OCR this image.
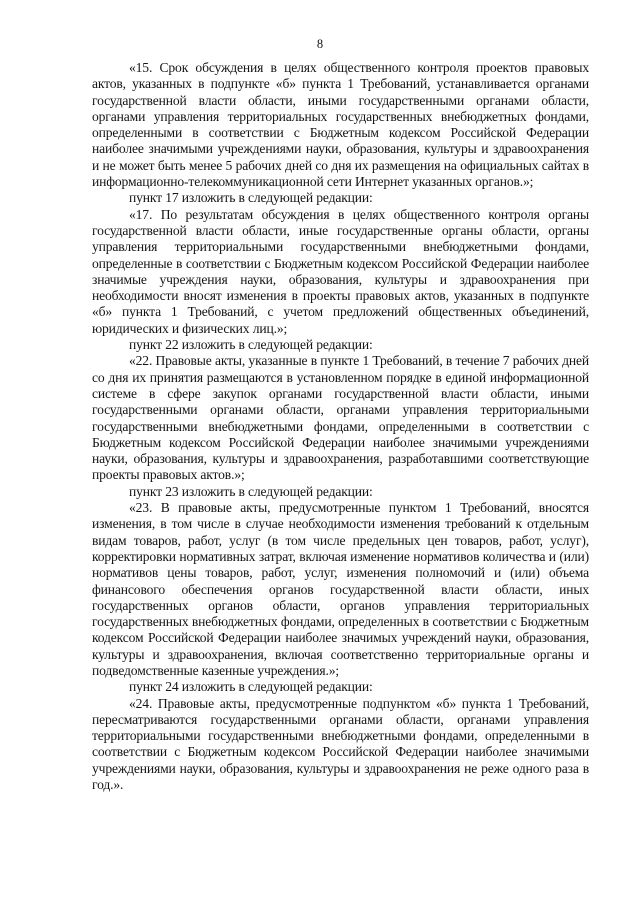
8

«15. Срок обсуждения в целях общественного контроля проектов правовых актов, указанных в подпункте «б» пункта 1 Требований, устанавливается органами государственной власти области, иными государственными органами области, органами управления территориальных государственных внебюджетных фондами, определенными в соответствии с Бюджетным кодексом Российской Федерации наиболее значимыми учреждениями науки, образования, культуры и здравоохранения и не может быть менее 5 рабочих дней со дня их размещения на официальных сайтах в информационно-телекоммуникационной сети Интернет указанных органов.»;

пункт 17 изложить в следующей редакции:

«17. По результатам обсуждения в целях общественного контроля органы государственной власти области, иные государственные органы области, органы управления территориальными государственными внебюджетными фондами, определенные в соответствии с Бюджетным кодексом Российской Федерации наиболее значимые учреждения науки, образования, культуры и здравоохранения при необходимости вносят изменения в проекты правовых актов, указанных в подпункте «б» пункта 1 Требований, с учетом предложений общественных объединений, юридических и физических лиц.»;

пункт 22 изложить в следующей редакции:

«22. Правовые акты, указанные в пункте 1 Требований, в течение 7 рабочих дней со дня их принятия размещаются в установленном порядке в единой информационной системе в сфере закупок органами государственной власти области, иными государственными органами области, органами управления территориальными государственными внебюджетными фондами, определенными в соответствии с Бюджетным кодексом Российской Федерации наиболее значимыми учреждениями науки, образования, культуры и здравоохранения, разработавшими соответствующие проекты правовых актов.»;

пункт 23 изложить в следующей редакции:

«23. В правовые акты, предусмотренные пунктом 1 Требований, вносятся изменения, в том числе в случае необходимости изменения требований к отдельным видам товаров, работ, услуг (в том числе предельных цен товаров, работ, услуг), корректировки нормативных затрат, включая изменение нормативов количества и (или) нормативов цены товаров, работ, услуг, изменения полномочий и (или) объема финансового обеспечения органов государственной власти области, иных государственных органов области, органов управления территориальных государственных внебюджетных фондами, определенных в соответствии с Бюджетным кодексом Российской Федерации наиболее значимых учреждений науки, образования, культуры и здравоохранения, включая соответственно территориальные органы и подведомственные казенные учреждения.»;

пункт 24 изложить в следующей редакции:

«24. Правовые акты, предусмотренные подпунктом «б» пункта 1 Требований, пересматриваются государственными органами области, органами управления территориальными государственными внебюджетными фондами, определенными в соответствии с Бюджетным кодексом Российской Федерации наиболее значимыми учреждениями науки, образования, культуры и здравоохранения не реже одного раза в год.».
